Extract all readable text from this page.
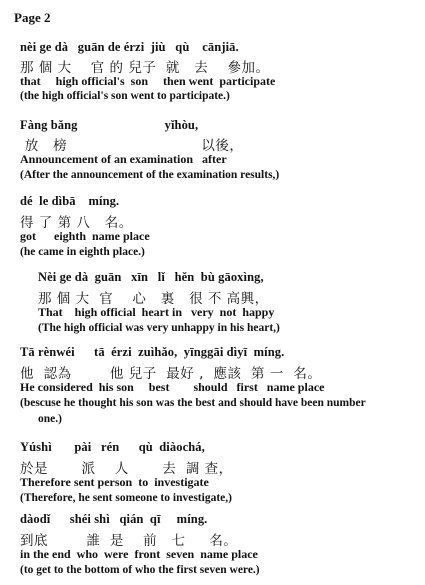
Page 2
nèi ge dà   guān de érzi  jiù   qù    cānjiā.
那 個 大    官 的 兒子  就   去    參加。
that     high official's  son     then went  participate
(the high official's son went to participate.)
Fàng bǎng                           yǐhòu,
放   榜                            以後，
Announcement of an examination   after
(After the announcement of the examination results,)
dé  le dìbā    míng.
得 了 第 八   名。
got      eighth  name place
(he came in eighth place.)
Nèi ge dà  guān   xīn   lǐ   hěn  bù gāoxìng,
那 個 大  官    心   裏   很 不 高興，
That    high official  heart in   very  not  happy
(The high official was very unhappy in his heart,)
Tā rènwéi      tā  érzi  zuìhǎo,  yīnggāi dìyī  míng.
他  認為        他 兒子  最好 ,  應該  第 一  名。
He considered  his son     best        should   first   name place
(bescuse he thought his son was the best and should have been number
one.)
Yúshì       pài   rén      qù  diàochá,
於是       派    人       去  調 查，
Therefore sent person  to  investigate
(Therefore, he sent someone to investigate,)
dàodǐ      shéi shì   qián  qī     míng.
到底        誰  是    前   七     名。
in the end  who  were  front  seven  name place
(to get to the bottom of who the first seven were.)
